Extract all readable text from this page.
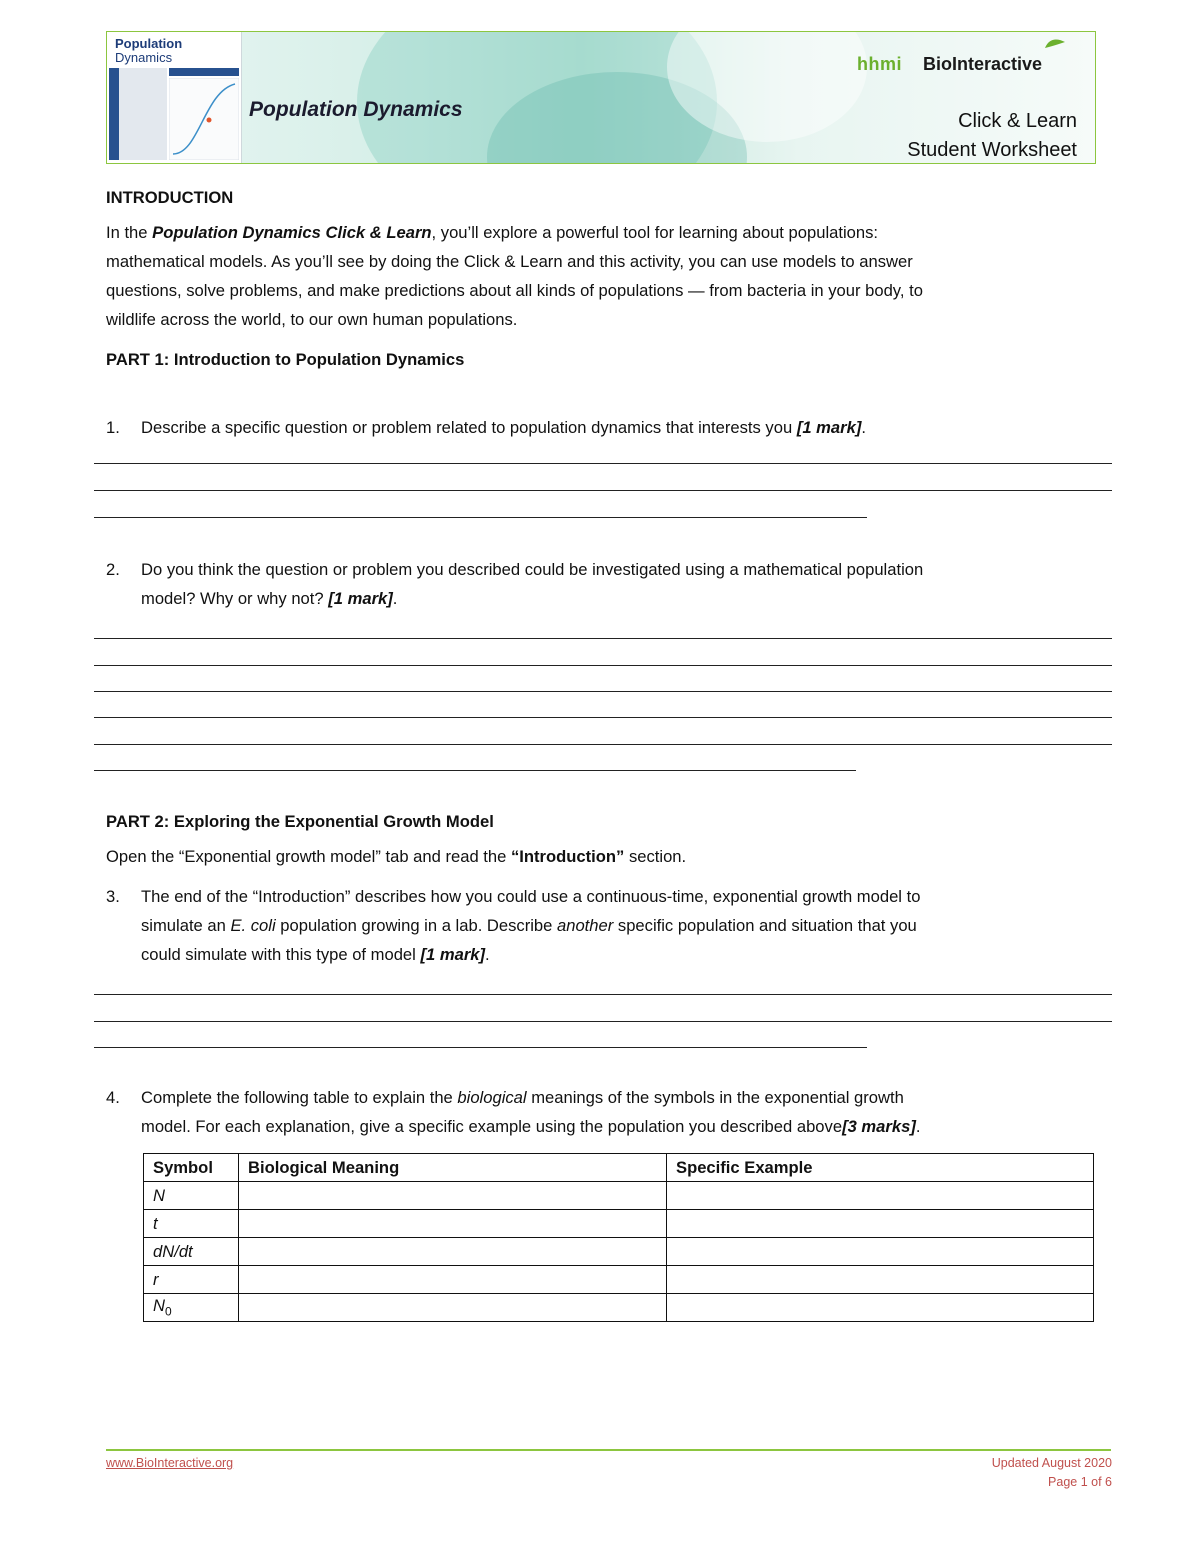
Population
Dynamics
Population Dynamics
hhmi BioInteractive
Click & Learn
Student Worksheet
INTRODUCTION
In the Population Dynamics Click & Learn, you’ll explore a powerful tool for learning about populations:
mathematical models. As you’ll see by doing the Click & Learn and this activity, you can use models to answer
questions, solve problems, and make predictions about all kinds of populations — from bacteria in your body, to
wildlife across the world, to our own human populations.
PART 1: Introduction to Population Dynamics
1. Describe a specific question or problem related to population dynamics that interests you [1 mark].
2. Do you think the question or problem you described could be investigated using a mathematical population
model? Why or why not? [1 mark].
PART 2: Exploring the Exponential Growth Model
Open the “Exponential growth model” tab and read the “Introduction” section.
3. The end of the “Introduction” describes how you could use a continuous-time, exponential growth model to
simulate an E. coli population growing in a lab. Describe another specific population and situation that you
could simulate with this type of model [1 mark].
4. Complete the following table to explain the biological meanings of the symbols in the exponential growth
model. For each explanation, give a specific example using the population you described above[3 marks].
Symbol	Biological Meaning	Specific Example
N		
t		
dN/dt		
r		
$N_0$		
www.BioInteractive.org	Updated August 2020
Page 1 of 6
